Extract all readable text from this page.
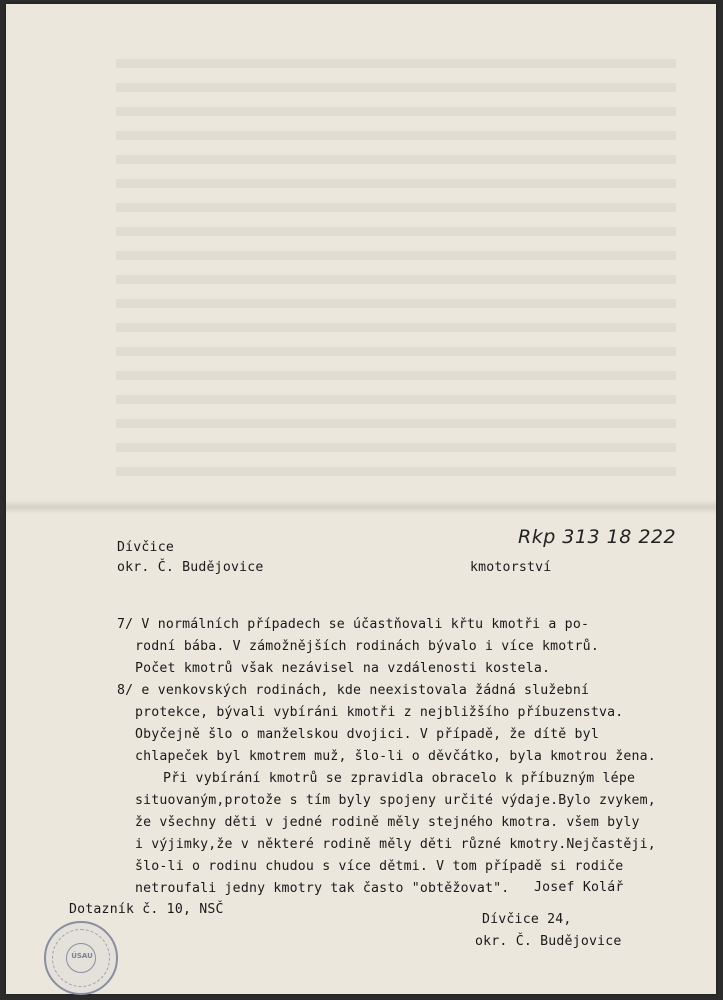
Rkp 313 18 222
Dívčice
okr. Č. Budějovice	kmotorství
7/ V normálních případech se účastňovali křtu kmotři a po-
rodní bába. V zámožnějších rodinách bývalo i více kmotrů.
Počet kmotrů však nezávisel na vzdálenosti kostela.
8/ e venkovských rodinách, kde neexistovala žádná služební
protekce, bývali vybíráni kmotři z nejbližšího příbuzenstva.
Obyčejně šlo o manželskou dvojici. V případě, že dítě byl
chlapeček byl kmotrem muž, šlo-li o děvčátko, byla kmotrou žena.
Při vybírání kmotrů se zpravidla obracelo k příbuzným lépe
situovaným,protože s tím byly spojeny určité výdaje.Bylo zvykem,
že všechny děti v jedné rodině měly stejného kmotra. všem byly
i výjimky,že v některé rodině měly děti různé kmotry.Nejčastěji,
šlo-li o rodinu chudou s více dětmi. V tom případě si rodiče
netroufali jedny kmotry tak často "obtěžovat". Josef Kolář
Dotazník č. 10, NSČ
Dívčice 24,
okr. Č. Budějovice
ÚSAU
